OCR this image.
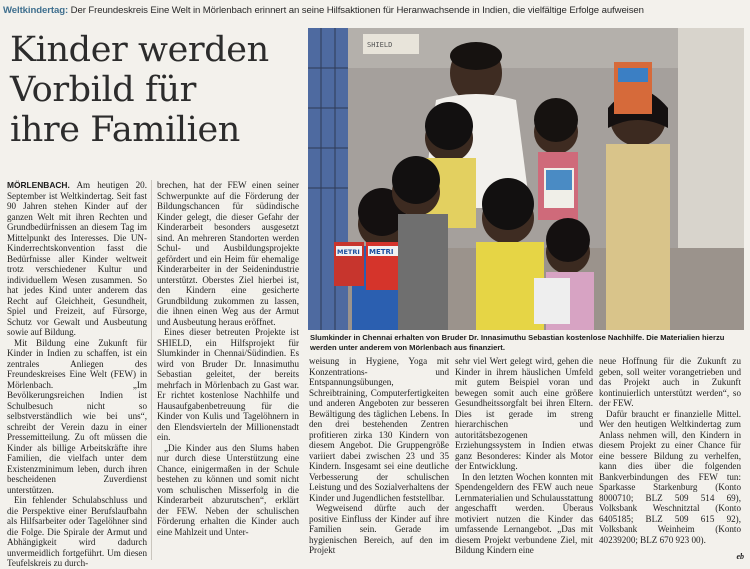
Weltkindertag: Der Freundeskreis Eine Welt in Mörlenbach erinnert an seine Hilfsaktionen für Heranwachsende in Indien, die vielfältige Erfolge aufweisen
Kinder werden
Vorbild für
ihre Familien
SHIELD
METRI
METRI
Slumkinder in Chennai erhalten von Bruder Dr. Innasimuthu Sebastian kostenlose Nachhilfe. Die Materialien hierzu werden unter anderem von Mörlenbach aus finanziert.

MÖRLENBACH. Am heutigen 20. September ist Weltkindertag. Seit fast 90 Jahren stehen Kinder auf der ganzen Welt mit ihren Rechten und Grundbedürfnissen an diesem Tag im Mittelpunkt des Interesses. Die UN-Kinderrechtskonvention fasst die Bedürfnisse aller Kinder weltweit trotz verschiedener Kultur und individuellem Wesen zusammen. So hat jedes Kind unter anderem das Recht auf Gleichheit, Gesundheit, Spiel und Freizeit, auf Fürsorge, Schutz vor Gewalt und Ausbeutung sowie auf Bildung.

Mit Bildung eine Zukunft für Kinder in Indien zu schaffen, ist ein zentrales Anliegen des Freundeskreises Eine Welt (FEW) in Mörlenbach. „Im Bevölkerungsreichen Indien ist Schulbesuch nicht so selbstverständlich wie bei uns“, schreibt der Verein dazu in einer Pressemitteilung. Zu oft müssen die Kinder als billige Arbeitskräfte ihre Familien, die vielfach unter dem Existenzminimum leben, durch ihren bescheidenen Zuverdienst unterstützen.

Ein fehlender Schulabschluss und die Perspektive einer Berufslaufbahn als Hilfsarbeiter oder Tagelöhner sind die Folge. Die Spirale der Armut und Abhängigkeit wird dadurch unvermeidlich fortgeführt. Um diesen Teufelskreis zu durch-

brechen, hat der FEW einen seiner Schwerpunkte auf die Förderung der Bildungschancen für südindische Kinder gelegt, die dieser Gefahr der Kinderarbeit besonders ausgesetzt sind. An mehreren Standorten werden Schul- und Ausbildungsprojekte gefördert und ein Heim für ehemalige Kinderarbeiter in der Seidenindustrie unterstützt. Oberstes Ziel hierbei ist, den Kindern eine gesicherte Grundbildung zukommen zu lassen, die ihnen einen Weg aus der Armut und Ausbeutung heraus eröffnet.

Eines dieser betreuten Projekte ist SHIELD, ein Hilfsprojekt für Slumkinder in Chennai/Südindien. Es wird von Bruder Dr. Innasimuthu Sebastian geleitet, der bereits mehrfach in Mörlenbach zu Gast war. Er richtet kostenlose Nachhilfe und Hausaufgabenbetreuung für die Kinder von Kulis und Tagelöhnern in den Elendsvierteln der Millionenstadt ein.

„Die Kinder aus den Slums haben nur durch diese Unterstützung eine Chance, einigermaßen in der Schule bestehen zu können und somit nicht vom schulischen Misserfolg in die Kinderarbeit abzurutschen“, erklärt der FEW. Neben der schulischen Förderung erhalten die Kinder auch eine Mahlzeit und Unter-

weisung in Hygiene, Yoga mit Konzentrations- und Entspannungsübungen, Schreibtraining, Computerfertigkeiten und anderen Angeboten zur besseren Bewältigung des täglichen Lebens. In den drei bestehenden Zentren profitieren zirka 130 Kindern von diesem Angebot. Die Gruppengröße variiert dabei zwischen 23 und 35 Kindern. Insgesamt sei eine deutliche Verbesserung der schulischen Leistung und des Sozialverhaltens der Kinder und Jugendlichen feststellbar.

Wegweisend dürfte auch der positive Einfluss der Kinder auf ihre Familien sein. Gerade im hygienischen Bereich, auf den im Projekt

sehr viel Wert gelegt wird, gehen die Kinder in ihrem häuslichen Umfeld mit gutem Beispiel voran und bewegen somit auch eine größere Gesundheitssorgfalt bei ihren Eltern. Dies ist gerade im streng hierarchischen und autoritätsbezogenen Erziehungssystem in Indien etwas ganz Besonderes: Kinder als Motor der Entwicklung.

In den letzten Wochen konnten mit Spendengeldern des FEW auch neue Lernmaterialien und Schulausstattung angeschafft werden. Überaus motiviert nutzen die Kinder das umfassende Lernangebot. „Das mit diesem Projekt verbundene Ziel, mit Bildung Kindern eine

neue Hoffnung für die Zukunft zu geben, soll weiter vorangetrieben und das Projekt auch in Zukunft kontinuierlich unterstützt werden“, so der FEW.

Dafür braucht er finanzielle Mittel. Wer den heutigen Weltkindertag zum Anlass nehmen will, den Kindern in diesem Projekt zu einer Chance für eine bessere Bildung zu verhelfen, kann dies über die folgenden Bankverbindungen des FEW tun: Sparkasse Starkenburg (Konto 8000710; BLZ 509 514 69), Volksbank Weschnitztal (Konto 6405185; BLZ 509 615 92), Volksbank Weinheim (Konto 40239200; BLZ 670 923 00).

eb
